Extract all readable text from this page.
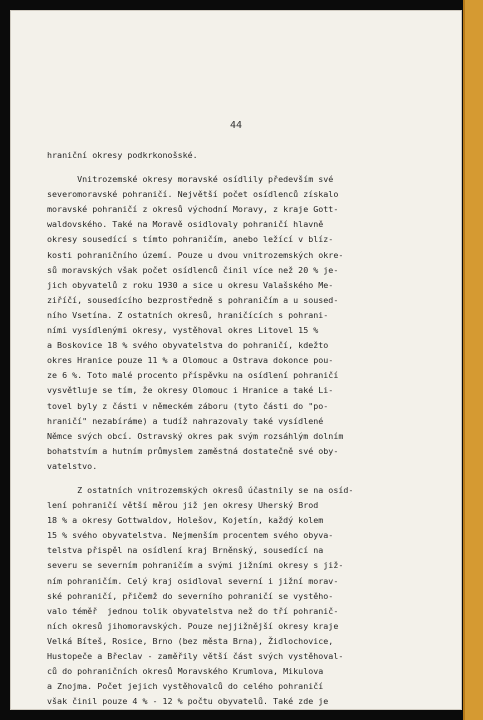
44
hraniční okresy podkrkonošské.
Vnitrozemské okresy moravské osídlily především své
severomoravské pohraničí. Největší počet osídlenců získalo
moravské pohraničí z okresů východní Moravy, z kraje Gott-
waldovského. Také na Moravě osidlovaly pohraničí hlavně
okresy sousedící s tímto pohraničím, anebo ležící v blíz-
kosti pohraničního území. Pouze u dvou vnitrozemských okre-
sů moravských však počet osídlenců činil více než 20 % je-
jich obyvatelů z roku 1930 a sice u okresu Valašského Me-
ziříčí, sousedícího bezprostředně s pohraničím a u soused-
ního Vsetína. Z ostatních okresů, hraničících s pohrani-
ními vysídlenými okresy, vystěhoval okres Litovel 15 %
a Boskovice 18 % svého obyvatelstva do pohraničí, kdežto
okres Hranice pouze 11 % a Olomouc a Ostrava dokonce pou-
ze 6 %. Toto malé procento příspěvku na osídlení pohraničí
vysvětluje se tím, že okresy Olomouc i Hranice a také Li-
tovel byly z části v německém záboru (tyto části do "po-
hraničí" nezabíráme) a tudíž nahrazovaly také vysídlené
Němce svých obcí. Ostravský okres pak svým rozsáhlým dolním
bohatstvím a hutním průmyslem zaměstná dostatečně své oby-
vatelstvo.
Z ostatních vnitrozemských okresů účastnily se na osíd-
lení pohraničí větší měrou již jen okresy Uherský Brod
18 % a okresy Gottwaldov, Holešov, Kojetín, každý kolem
15 % svého obyvatelstva. Nejmenším procentem svého obyva-
telstva přispěl na osídlení kraj Brněnský, sousedící na
severu se severním pohraničím a svými jižními okresy s již-
ním pohraničím. Celý kraj osidloval severní i jižní morav-
ské pohraničí, přičemž do severního pohraničí se vystěho-
valo téměř  jednou tolik obyvatelstva než do tří pohranič-
ních okresů jihomoravských. Pouze nejjižnější okresy kraje
Velká Bíteš, Rosice, Brno (bez města Brna), Židlochovice,
Hustopeče a Břeclav - zaměřily větší část svých vystěhoval-
ců do pohraničních okresů Moravského Krumlova, Mikulova
a Znojma. Počet jejich vystěhovalců do celého pohraničí
však činil pouze 4 % - 12 % počtu obyvatelů. Také zde je
